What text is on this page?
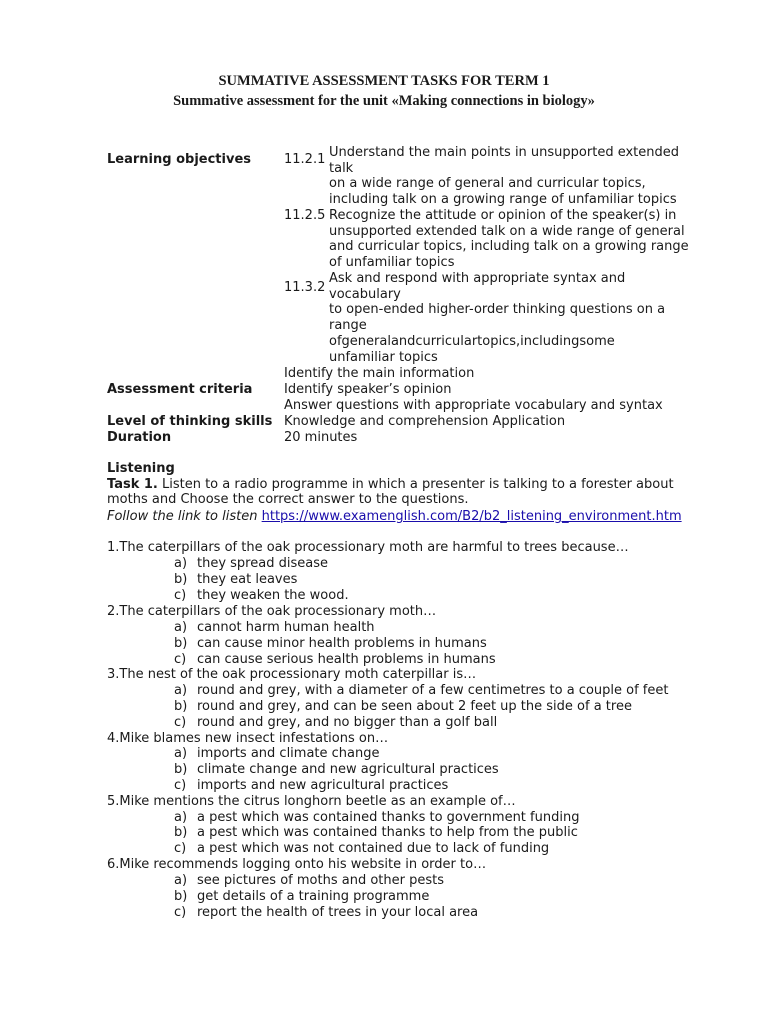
SUMMATIVE ASSESSMENT TASKS FOR TERM 1
Summative assessment for the unit «Making connections in biology»
Learning objectives	11.2.1 Understand the main points in unsupported extended
talk
on a wide range of general and curricular topics,
including talk on a growing range of unfamiliar topics
11.2.5 Recognize the attitude or opinion of the speaker(s) in
unsupported extended talk on a wide range of general
and curricular topics, including talk on a growing range
of unfamiliar topics
11.3.2
Ask and respond with appropriate syntax and
vocabulary
to open-ended higher-order thinking questions on a
range
ofgeneralandcurriculartopics,includingsome
unfamiliar topics
Identify the main information
Assessment criteria Identify speaker’s opinion
Answer questions with appropriate vocabulary and syntax
Level of thinking skills Knowledge and comprehension Application
Duration	20 minutes
Listening
Task 1. Listen to a radio programme in which a presenter is talking to a forester about
moths and Choose the correct answer to the questions.
Follow the link to listen https://www.examenglish.com/B2/b2_listening_environment.htm
1.The caterpillars of the oak processionary moth are harmful to trees because…
a) they spread disease
b) they eat leaves
c) they weaken the wood.
2.The caterpillars of the oak processionary moth…
a) cannot harm human health
b) can cause minor health problems in humans
c) can cause serious health problems in humans
3.The nest of the oak processionary moth caterpillar is…
a) round and grey, with a diameter of a few centimetres to a couple of feet
b) round and grey, and can be seen about 2 feet up the side of a tree
c) round and grey, and no bigger than a golf ball
4.Mike blames new insect infestations on…
a) imports and climate change
b) climate change and new agricultural practices
c) imports and new agricultural practices
5.Mike mentions the citrus longhorn beetle as an example of…
a) a pest which was contained thanks to government funding
b) a pest which was contained thanks to help from the public
c) a pest which was not contained due to lack of funding
6.Mike recommends logging onto his website in order to…
a) see pictures of moths and other pests
b) get details of a training programme
c) report the health of trees in your local area
